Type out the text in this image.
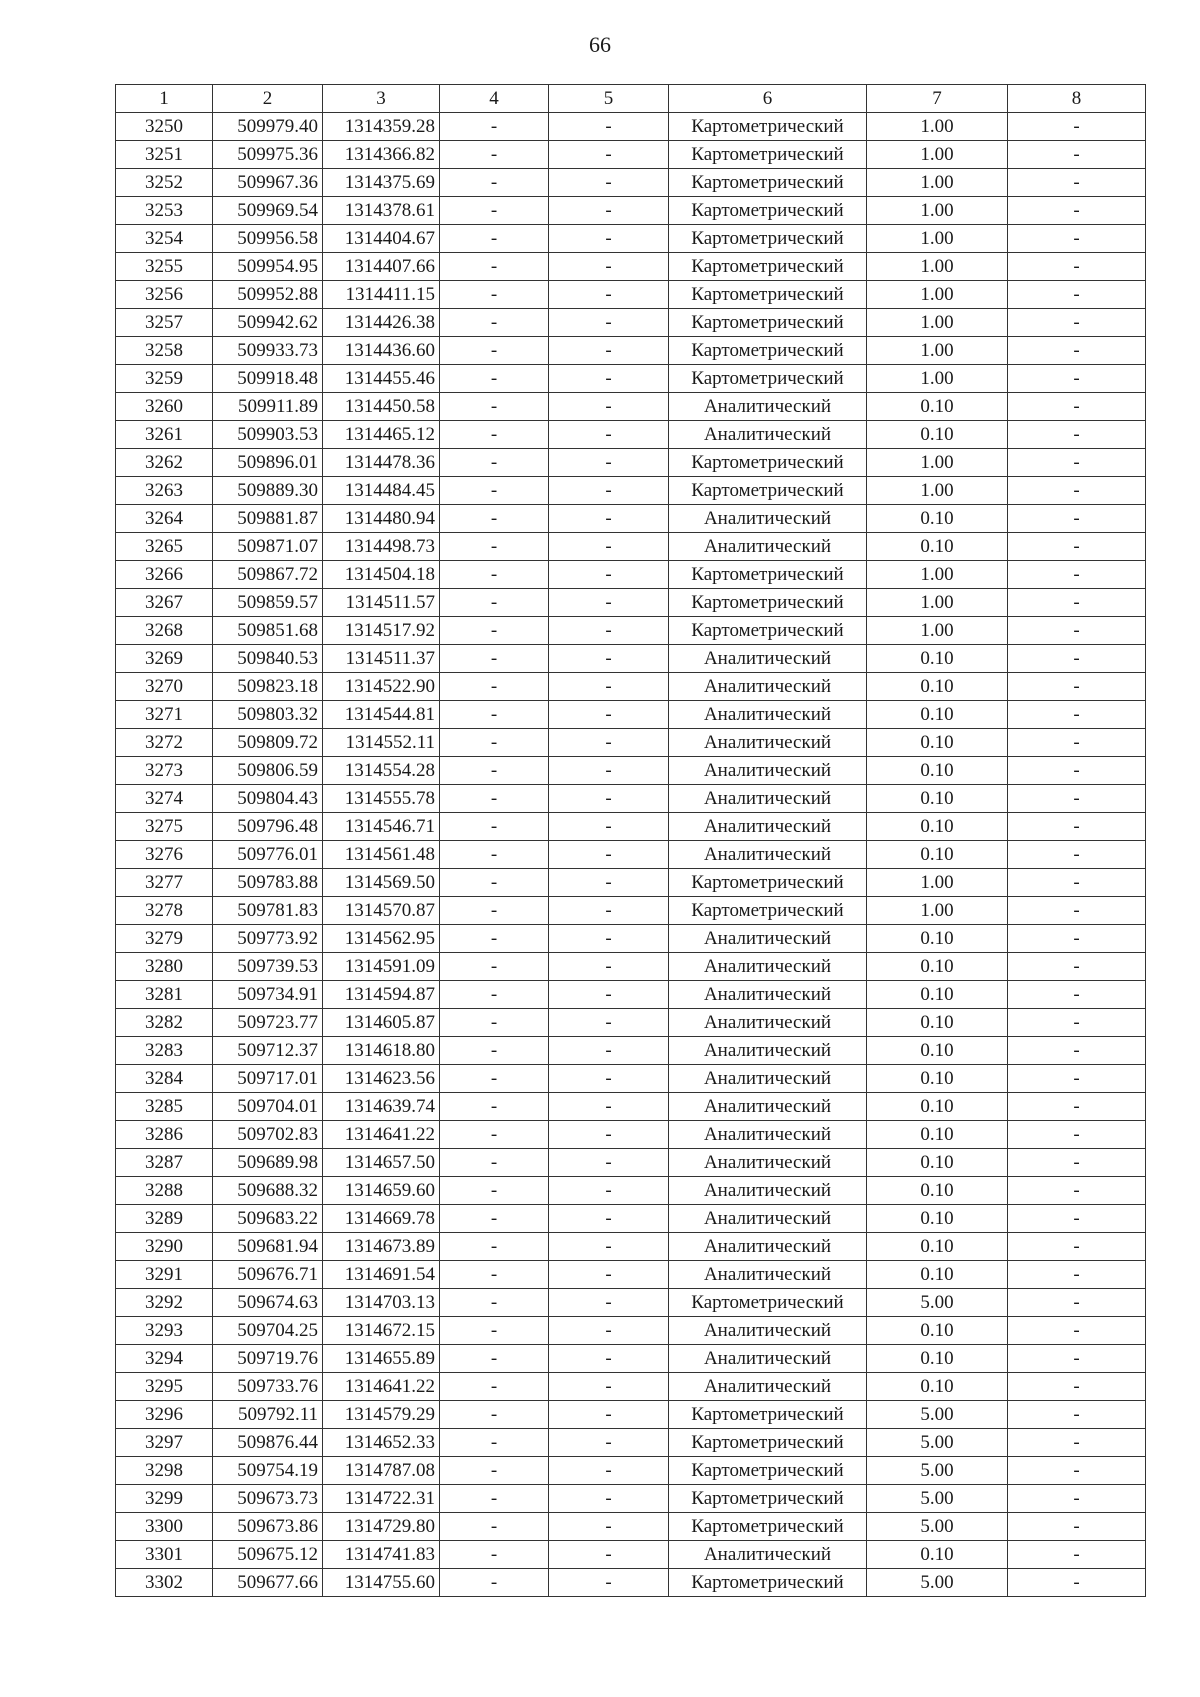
66
1	2	3	4	5	6	7	8
3250	509979.40	1314359.28	-	-	Картометрический	1.00	-
3251	509975.36	1314366.82	-	-	Картометрический	1.00	-
3252	509967.36	1314375.69	-	-	Картометрический	1.00	-
3253	509969.54	1314378.61	-	-	Картометрический	1.00	-
3254	509956.58	1314404.67	-	-	Картометрический	1.00	-
3255	509954.95	1314407.66	-	-	Картометрический	1.00	-
3256	509952.88	1314411.15	-	-	Картометрический	1.00	-
3257	509942.62	1314426.38	-	-	Картометрический	1.00	-
3258	509933.73	1314436.60	-	-	Картометрический	1.00	-
3259	509918.48	1314455.46	-	-	Картометрический	1.00	-
3260	509911.89	1314450.58	-	-	Аналитический	0.10	-
3261	509903.53	1314465.12	-	-	Аналитический	0.10	-
3262	509896.01	1314478.36	-	-	Картометрический	1.00	-
3263	509889.30	1314484.45	-	-	Картометрический	1.00	-
3264	509881.87	1314480.94	-	-	Аналитический	0.10	-
3265	509871.07	1314498.73	-	-	Аналитический	0.10	-
3266	509867.72	1314504.18	-	-	Картометрический	1.00	-
3267	509859.57	1314511.57	-	-	Картометрический	1.00	-
3268	509851.68	1314517.92	-	-	Картометрический	1.00	-
3269	509840.53	1314511.37	-	-	Аналитический	0.10	-
3270	509823.18	1314522.90	-	-	Аналитический	0.10	-
3271	509803.32	1314544.81	-	-	Аналитический	0.10	-
3272	509809.72	1314552.11	-	-	Аналитический	0.10	-
3273	509806.59	1314554.28	-	-	Аналитический	0.10	-
3274	509804.43	1314555.78	-	-	Аналитический	0.10	-
3275	509796.48	1314546.71	-	-	Аналитический	0.10	-
3276	509776.01	1314561.48	-	-	Аналитический	0.10	-
3277	509783.88	1314569.50	-	-	Картометрический	1.00	-
3278	509781.83	1314570.87	-	-	Картометрический	1.00	-
3279	509773.92	1314562.95	-	-	Аналитический	0.10	-
3280	509739.53	1314591.09	-	-	Аналитический	0.10	-
3281	509734.91	1314594.87	-	-	Аналитический	0.10	-
3282	509723.77	1314605.87	-	-	Аналитический	0.10	-
3283	509712.37	1314618.80	-	-	Аналитический	0.10	-
3284	509717.01	1314623.56	-	-	Аналитический	0.10	-
3285	509704.01	1314639.74	-	-	Аналитический	0.10	-
3286	509702.83	1314641.22	-	-	Аналитический	0.10	-
3287	509689.98	1314657.50	-	-	Аналитический	0.10	-
3288	509688.32	1314659.60	-	-	Аналитический	0.10	-
3289	509683.22	1314669.78	-	-	Аналитический	0.10	-
3290	509681.94	1314673.89	-	-	Аналитический	0.10	-
3291	509676.71	1314691.54	-	-	Аналитический	0.10	-
3292	509674.63	1314703.13	-	-	Картометрический	5.00	-
3293	509704.25	1314672.15	-	-	Аналитический	0.10	-
3294	509719.76	1314655.89	-	-	Аналитический	0.10	-
3295	509733.76	1314641.22	-	-	Аналитический	0.10	-
3296	509792.11	1314579.29	-	-	Картометрический	5.00	-
3297	509876.44	1314652.33	-	-	Картометрический	5.00	-
3298	509754.19	1314787.08	-	-	Картометрический	5.00	-
3299	509673.73	1314722.31	-	-	Картометрический	5.00	-
3300	509673.86	1314729.80	-	-	Картометрический	5.00	-
3301	509675.12	1314741.83	-	-	Аналитический	0.10	-
3302	509677.66	1314755.60	-	-	Картометрический	5.00	-
